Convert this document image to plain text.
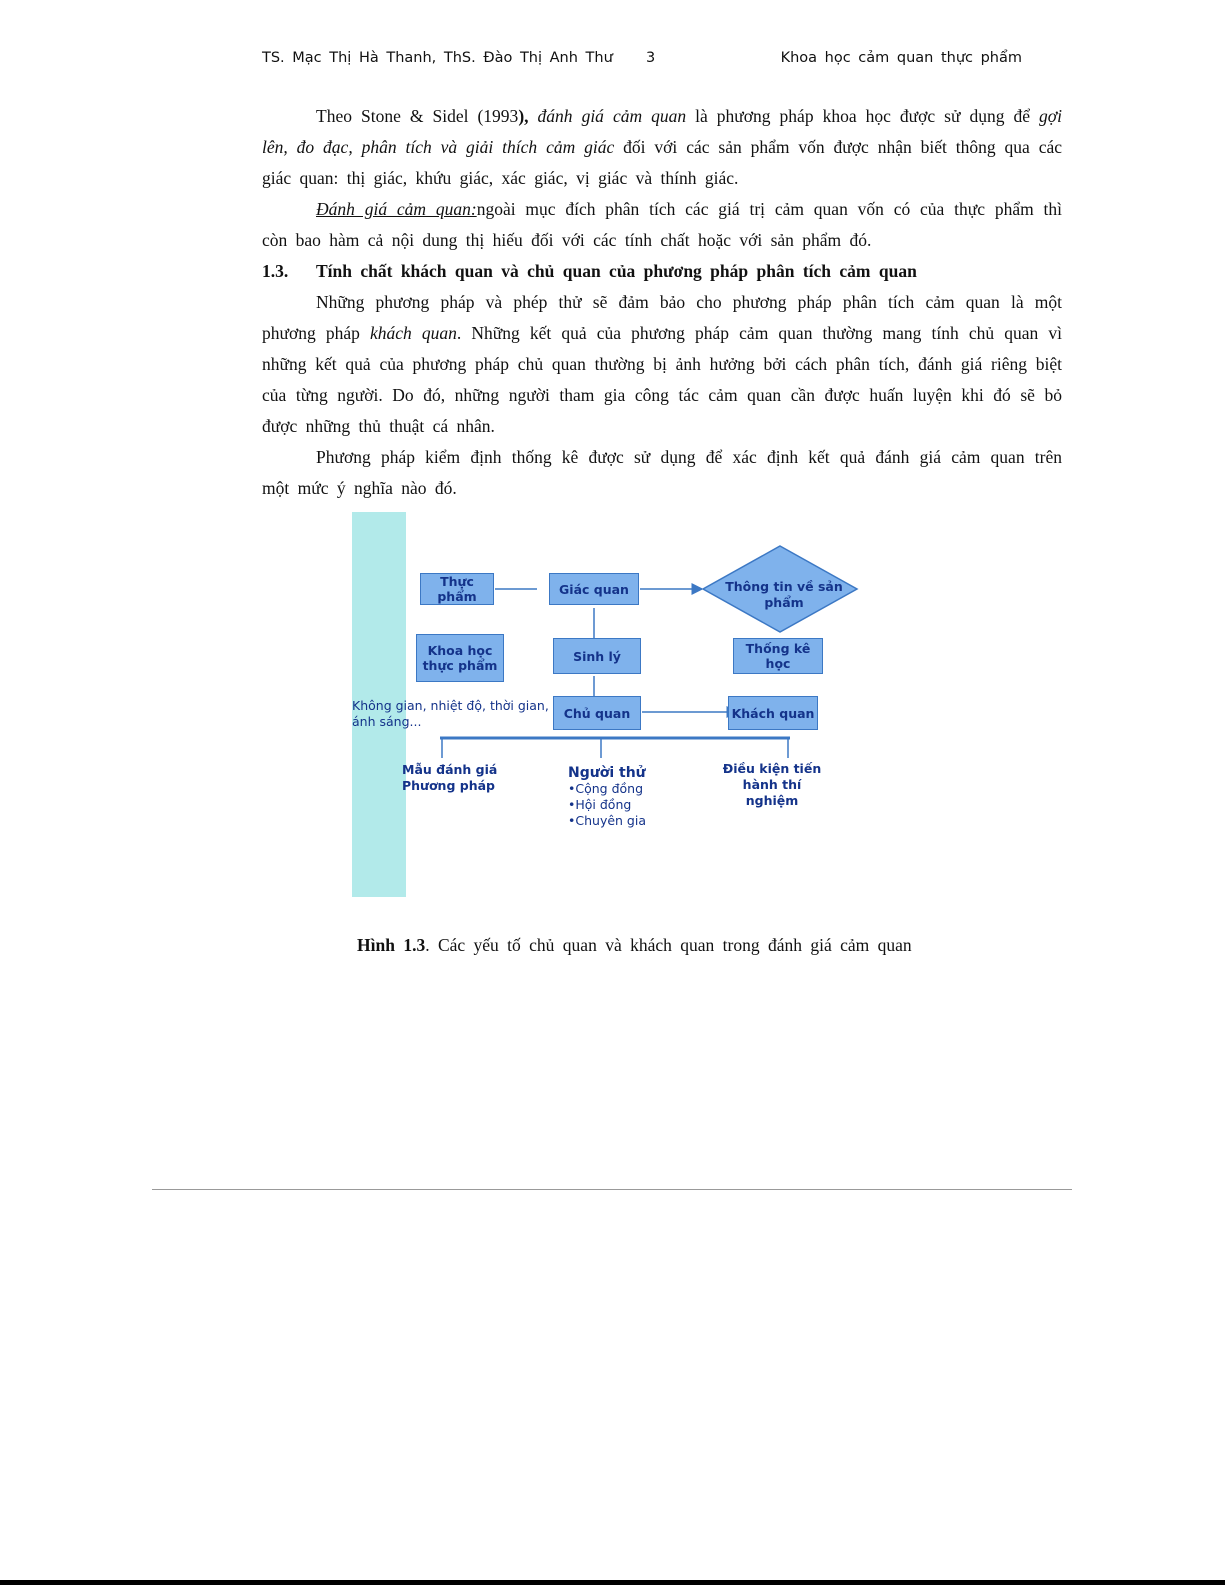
TS. Mạc Thị Hà Thanh, ThS. Đào Thị Anh Thư 3	Khoa học cảm quan thực phẩm

Theo Stone & Sidel (1993), đánh giá cảm quan là phương pháp khoa học được sử dụng để gợi lên, đo đạc, phân tích và giải thích cảm giác đối với các sản phẩm vốn được nhận biết thông qua các giác quan: thị giác, khứu giác, xác giác, vị giác và thính giác.

Đánh giá cảm quan:ngoài mục đích phân tích các giá trị cảm quan vốn có của thực phẩm thì còn bao hàm cả nội dung thị hiếu đối với các tính chất hoặc với sản phẩm đó.

1.3. Tính chất khách quan và chủ quan của phương pháp phân tích cảm quan

Những phương pháp và phép thử sẽ đảm bảo cho phương pháp phân tích cảm quan là một phương pháp khách quan. Những kết quả của phương pháp cảm quan thường mang tính chủ quan vì những kết quả của phương pháp chủ quan thường bị ảnh hưởng bởi cách phân tích, đánh giá riêng biệt của từng người. Do đó, những người tham gia công tác cảm quan cần được huấn luyện khi đó sẽ bỏ được những thủ thuật cá nhân.

Phương pháp kiểm định thống kê được sử dụng để xác định kết quả đánh giá cảm quan trên một mức ý nghĩa nào đó.

Thực phẩm	Giác quan	Thông tin về sản phẩm
Khoa học
thực phẩm
Sinh lý	Thống kê học
Không gian, nhiệt độ, thời gian,
ánh sáng...
Chủ quan	Khách quan
Mẫu đánh giá
Phương pháp
Người thử
•Cộng đồng
•Hội đồng
•Chuyên gia
Điều kiện tiến
hành thí nghiệm
Hình 1.3. Các yếu tố chủ quan và khách quan trong đánh giá cảm quan
